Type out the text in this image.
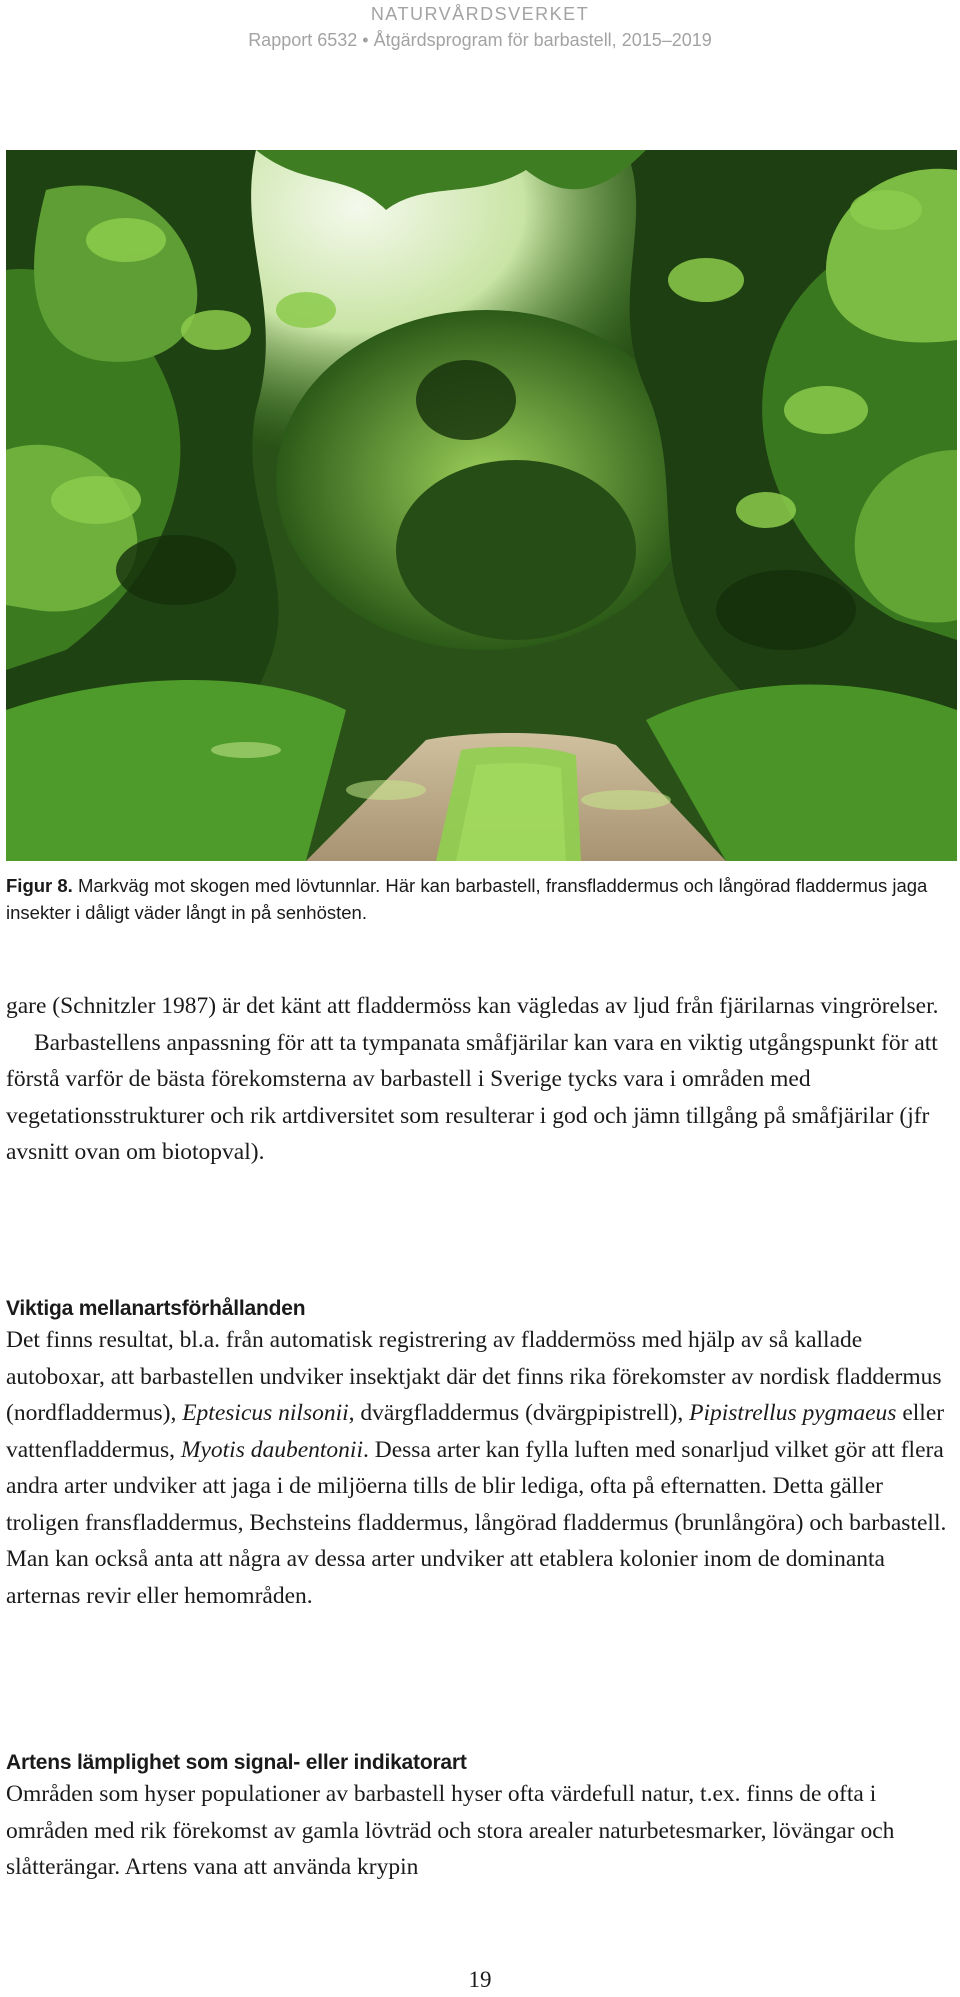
NATURVÅRDSVERKET
Rapport 6532 • Åtgärdsprogram för barbastell, 2015–2019
Figur 8. Markväg mot skogen med lövtunnlar. Här kan barbastell, fransfladdermus och långörad fladdermus jaga insekter i dåligt väder långt in på senhösten.

gare (Schnitzler 1987) är det känt att fladdermöss kan vägledas av ljud från fjärilarnas vingrörelser.

Barbastellens anpassning för att ta tympanata småfjärilar kan vara en viktig utgångspunkt för att förstå varför de bästa förekomsterna av barbastell i Sverige tycks vara i områden med vegetationsstrukturer och rik artdiversitet som resulterar i god och jämn tillgång på småfjärilar (jfr avsnitt ovan om biotopval).

Viktiga mellanartsförhållanden

Det finns resultat, bl.a. från automatisk registrering av fladdermöss med hjälp av så kallade autoboxar, att barbastellen undviker insektjakt där det finns rika förekomster av nordisk fladdermus (nordfladdermus), Eptesicus nilsonii, dvärgfladdermus (dvärgpipistrell), Pipistrellus pygmaeus eller vattenfladdermus, Myotis daubentonii. Dessa arter kan fylla luften med sonarljud vilket gör att flera andra arter undviker att jaga i de miljöerna tills de blir lediga, ofta på efternatten. Detta gäller troligen fransfladdermus, Bechsteins fladdermus, långörad fladdermus (brunlångöra) och barbastell. Man kan också anta att några av dessa arter undviker att etablera kolonier inom de dominanta arternas revir eller hemområden.

Artens lämplighet som signal- eller indikatorart

Områden som hyser populationer av barbastell hyser ofta värdefull natur, t.ex. finns de ofta i områden med rik förekomst av gamla lövträd och stora arealer naturbetesmarker, lövängar och slåtterängar. Artens vana att använda krypin

19
